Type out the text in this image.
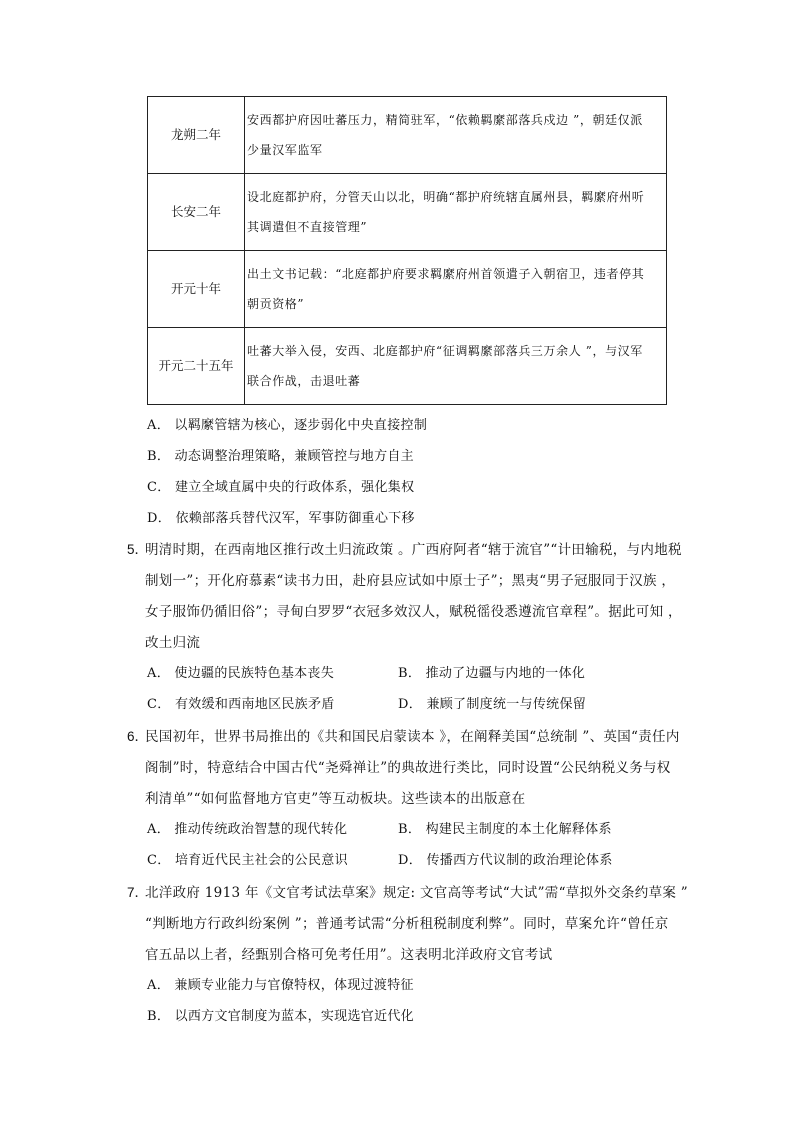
龙朔二年	安西都护府因吐蕃压力，精简驻军，“依赖羁縻部落兵戍边 ”，朝廷仅派
少量汉军监军

长安二年	设北庭都护府，分管天山以北，明确“都护府统辖直属州县，羁縻府州听
其调遣但不直接管理”

开元十年	出土文书记载：“北庭都护府要求羁縻府州首领遣子入朝宿卫，违者停其
朝贡资格”

开元二十五年	吐蕃大举入侵，安西、北庭都护府“征调羁縻部落兵三万余人 ”，与汉军
联合作战，击退吐蕃
A． 以羁縻管辖为核心，逐步弱化中央直接控制
B． 动态调整治理策略，兼顾管控与地方自主
C． 建立全域直属中央的行政体系，强化集权
D． 依赖部落兵替代汉军，军事防御重心下移
5．
明清时期，在西南地区推行改土归流政策 。广西府阿者“辖于流官”“计田输税，与内地税
制划一”；开化府慕素“读书力田，赴府县应试如中原士子”；黑夷“男子冠服同于汉族 ，
女子服饰仍循旧俗”；寻甸白罗罗“衣冠多效汉人，赋税徭役悉遵流官章程”。据此可知 ，
改土归流
A． 使边疆的民族特色基本丧失	B． 推动了边疆与内地的一体化
C． 有效缓和西南地区民族矛盾	D． 兼顾了制度统一与传统保留
6．
民国初年，世界书局推出的《共和国民启蒙读本 》，在阐释美国“总统制 ”、英国“责任内
阁制”时，特意结合中国古代“尧舜禅让”的典故进行类比，同时设置“公民纳税义务与权
利清单”“如何监督地方官吏”等互动板块。这些读本的出版意在
A． 推动传统政治智慧的现代转化	B． 构建民主制度的本土化解释体系
C． 培育近代民主社会的公民意识	D． 传播西方代议制的政治理论体系
7．
北洋政府 1913 年《文官考试法草案》规定: 文官高等考试“大试”需“草拟外交条约草案 ”
“判断地方行政纠纷案例 ”；普通考试需“分析租税制度利弊”。同时，草案允许“曾任京
官五品以上者，经甄别合格可免考任用”。这表明北洋政府文官考试
A． 兼顾专业能力与官僚特权，体现过渡特征
B． 以西方文官制度为蓝本，实现选官近代化
